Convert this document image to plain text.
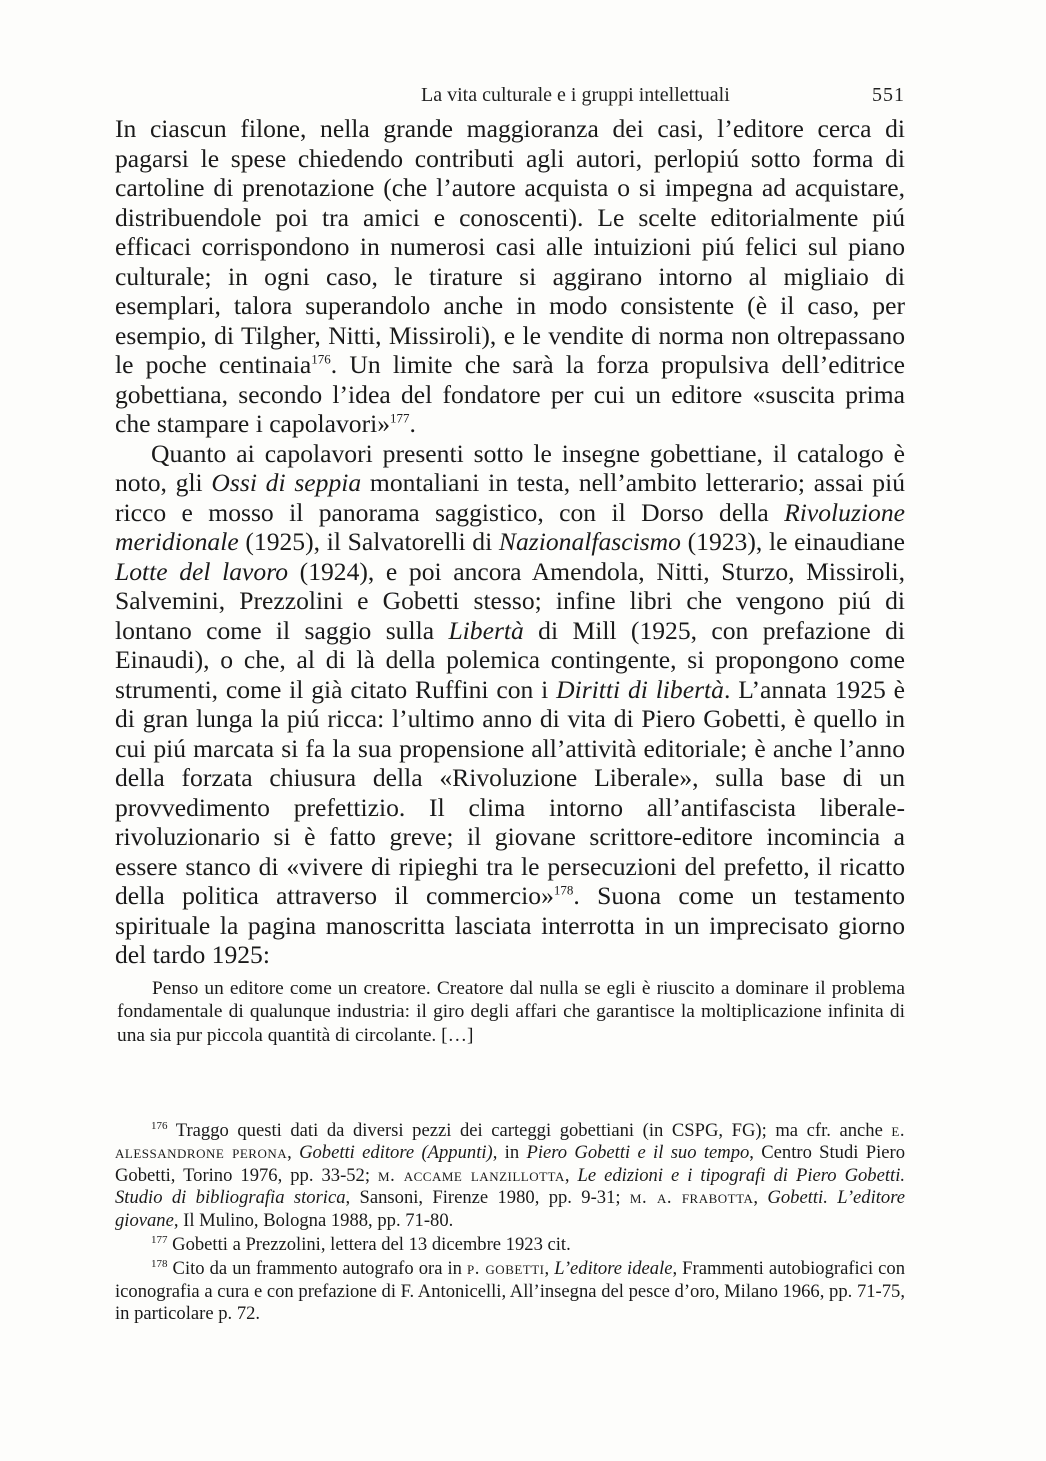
La vita culturale e i gruppi intellettuali	551

In ciascun filone, nella grande maggioranza dei casi, l’editore cerca di pagarsi le spese chiedendo contributi agli autori, perlopiú sotto forma di cartoline di prenotazione (che l’autore acquista o si impegna ad acquistare, distribuendole poi tra amici e conoscenti). Le scelte editorialmente piú efficaci corrispondono in numerosi casi alle intuizioni piú felici sul piano culturale; in ogni caso, le tirature si aggirano intorno al migliaio di esemplari, talora superandolo anche in modo consistente (è il caso, per esempio, di Tilgher, Nitti, Missiroli), e le vendite di norma non oltrepassano le poche centinaia$^{176}$. Un limite che sarà la forza propulsiva dell’editrice gobettiana, secondo l’idea del fondatore per cui un editore «suscita prima che stampare i capolavori»$^{177}$.

Quanto ai capolavori presenti sotto le insegne gobettiane, il catalogo è noto, gli Ossi di seppia montaliani in testa, nell’ambito letterario; assai piú ricco e mosso il panorama saggistico, con il Dorso della Rivoluzione meridionale (1925), il Salvatorelli di Nazionalfascismo (1923), le einaudiane Lotte del lavoro (1924), e poi ancora Amendola, Nitti, Sturzo, Missiroli, Salvemini, Prezzolini e Gobetti stesso; infine libri che vengono piú di lontano come il saggio sulla Libertà di Mill (1925, con prefazione di Einaudi), o che, al di là della polemica contingente, si propongono come strumenti, come il già citato Ruffini con i Diritti di libertà. L’annata 1925 è di gran lunga la piú ricca: l’ultimo anno di vita di Piero Gobetti, è quello in cui piú marcata si fa la sua propensione all’attività editoriale; è anche l’anno della forzata chiusura della «Rivoluzione Liberale», sulla base di un provvedimento prefettizio. Il clima intorno all’antifascista liberale-rivoluzionario si è fatto greve; il giovane scrittore-editore incomincia a essere stanco di «vivere di ripieghi tra le persecuzioni del prefetto, il ricatto della politica attraverso il commercio»$^{178}$. Suona come un testamento spirituale la pagina manoscritta lasciata interrotta in un imprecisato giorno del tardo 1925:

Penso un editore come un creatore. Creatore dal nulla se egli è riuscito a dominare il problema fondamentale di qualunque industria: il giro degli affari che garantisce la moltiplicazione infinita di una sia pur piccola quantità di circolante. […]

$^{176}$ Traggo questi dati da diversi pezzi dei carteggi gobettiani (in CSPG, FG); ma cfr. anche e. alessandrone perona, Gobetti editore (Appunti), in Piero Gobetti e il suo tempo, Centro Studi Piero Gobetti, Torino 1976, pp. 33-52; m. accame lanzillotta, Le edizioni e i tipografi di Piero Gobetti. Studio di bibliografia storica, Sansoni, Firenze 1980, pp. 9-31; m. a. frabotta, Gobetti. L’editore giovane, Il Mulino, Bologna 1988, pp. 71-80.

$^{177}$ Gobetti a Prezzolini, lettera del 13 dicembre 1923 cit.

$^{178}$ Cito da un frammento autografo ora in p. gobetti, L’editore ideale, Frammenti autobiografici con iconografia a cura e con prefazione di F. Antonicelli, All’insegna del pesce d’oro, Milano 1966, pp. 71-75, in particolare p. 72.
